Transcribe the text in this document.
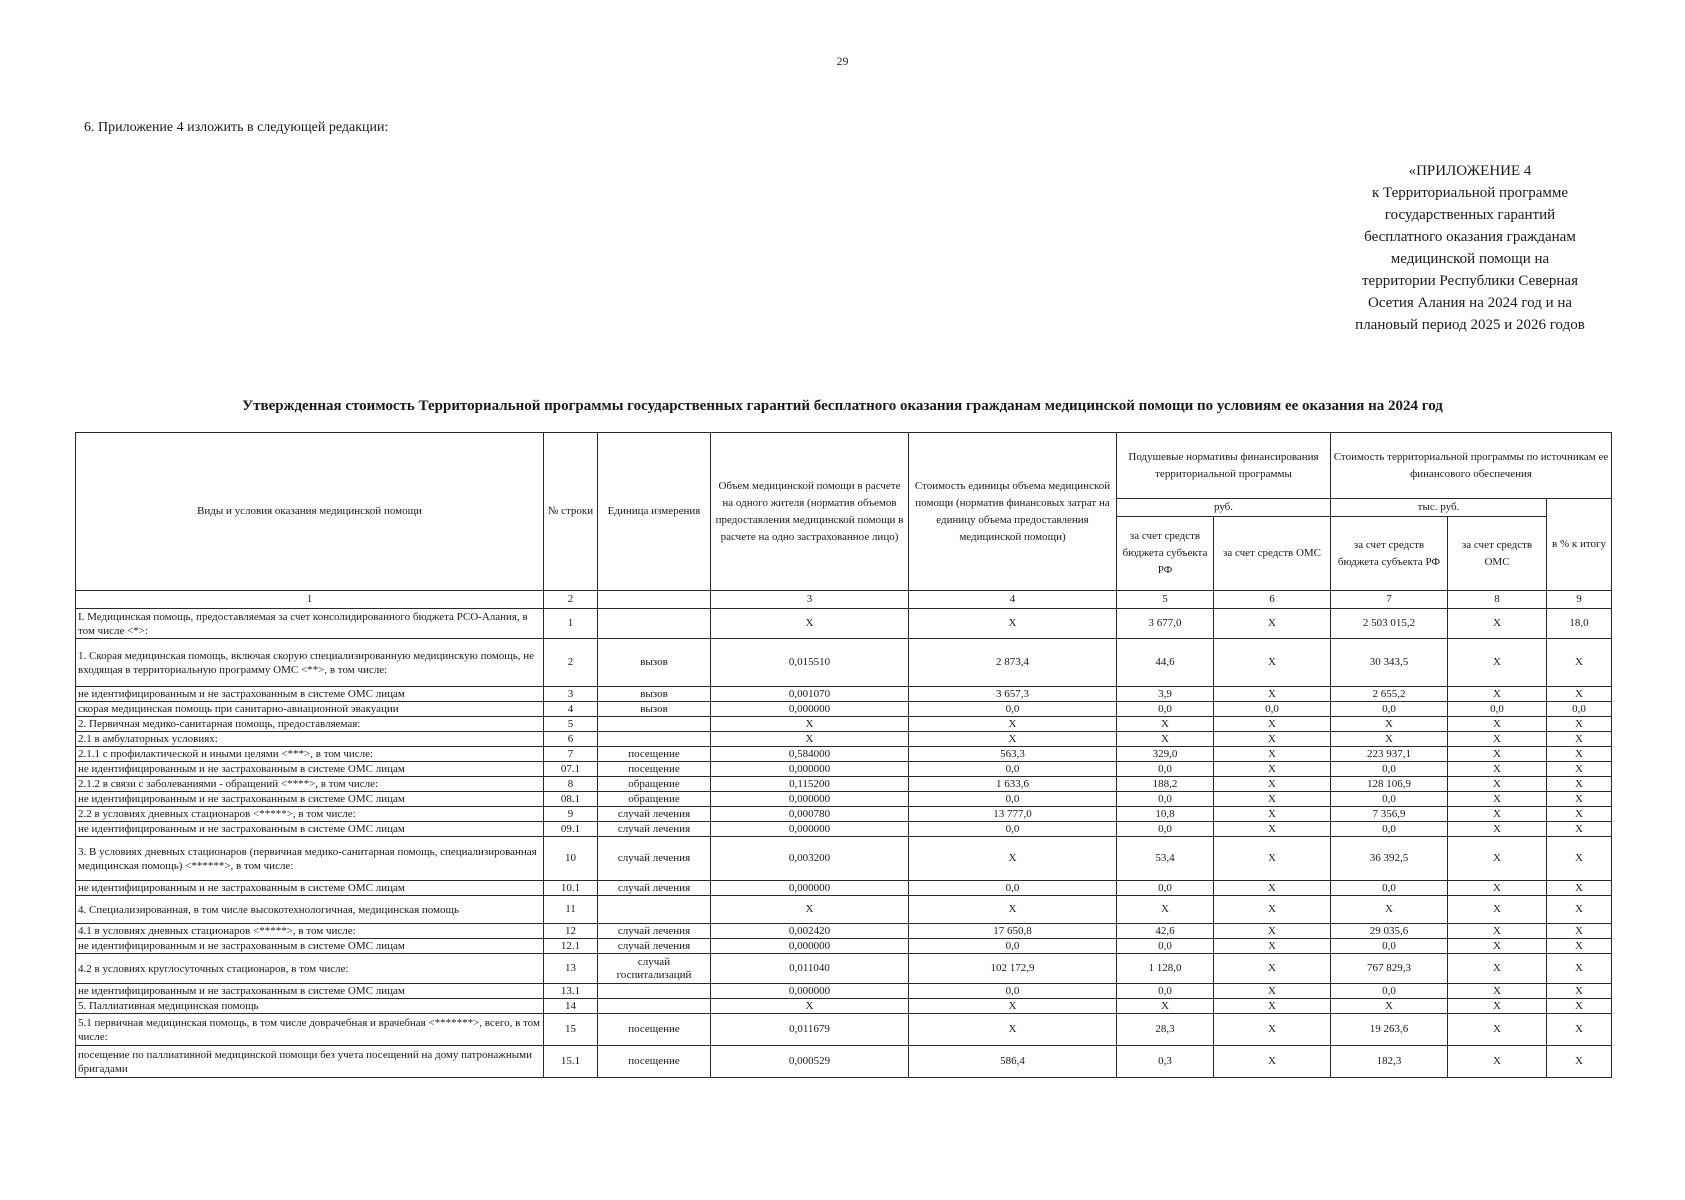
29
6. Приложение 4 изложить в следующей редакции:
«ПРИЛОЖЕНИЕ 4
к Территориальной программе
государственных гарантий
бесплатного оказания гражданам
медицинской помощи на
территории Республики Северная
Осетия Алания на 2024 год и на
плановый период 2025 и 2026 годов
Утвержденная стоимость Территориальной программы государственных гарантий бесплатного оказания гражданам медицинской помощи по условиям ее оказания на 2024 год
Виды и условия оказания медицинской помощи	№ строки	Единица измерения	Объем медицинской помощи в расчете на одного жителя (норматив объемов предоставления медицинской помощи в расчете на одно застрахованное лицо)	Стоимость единицы объема медицинской помощи (норматив финансовых затрат на единицу объема предоставления медицинской помощи)	Подушевые нормативы финансирования территориальной программы		Стоимость территориальной программы по источникам ее финансового обеспечения		
					руб.		тыс. руб.		в % к итогу
					за счет средств бюджета субъекта РФ	за счет средств ОМС	за счет средств бюджета субъекта РФ	за счет средств ОМС	
1	2		3	4	5	6	7	8	9
I. Медицинская помощь, предоставляемая за счет консолидированного бюджета РСО-Алания, в том числе <*>:	1		X	X	3 677,0	X	2 503 015,2	X	18,0
1. Скорая медицинская помощь, включая скорую специализированную медицинскую помощь, не входящая в территориальную программу ОМС <**>, в том числе:	2	вызов	0,015510	2 873,4	44,6	X	30 343,5	X	X
не идентифицированным и не застрахованным в системе ОМС лицам	3	вызов	0,001070	3 657,3	3,9	X	2 655,2	X	X
скорая медицинская помощь при санитарно-авиационной эвакуации	4	вызов	0,000000	0,0	0,0	0,0	0,0	0,0	0,0
2. Первичная медико-санитарная помощь, предоставляемая:	5		X	X	X	X	X	X	X
2.1 в амбулаторных условиях:	6		X	X	X	X	X	X	X
2.1.1 с профилактической и иными целями <***>, в том числе:	7	посещение	0,584000	563,3	329,0	X	223 937,1	X	X
не идентифицированным и не застрахованным в системе ОМС лицам	07.1	посещение	0,000000	0,0	0,0	X	0,0	X	X
2.1.2 в связи с заболеваниями - обращений <****>, в том числе:	8	обращение	0,115200	1 633,6	188,2	X	128 106,9	X	X
не идентифицированным и не застрахованным в системе ОМС лицам	08.1	обращение	0,000000	0,0	0,0	X	0,0	X	X
2.2 в условиях дневных стационаров <*****>, в том числе:	9	случай лечения	0,000780	13 777,0	10,8	X	7 356,9	X	X
не идентифицированным и не застрахованным в системе ОМС лицам	09.1	случай лечения	0,000000	0,0	0,0	X	0,0	X	X
3. В условиях дневных стационаров (первичная медико-санитарная помощь, специализированная медицинская помощь) <******>, в том числе:	10	случай лечения	0,003200	X	53,4	X	36 392,5	X	X
не идентифицированным и не застрахованным в системе ОМС лицам	10.1	случай лечения	0,000000	0,0	0,0	X	0,0	X	X
4. Специализированная, в том числе высокотехнологичная, медицинская помощь	11		X	X	X	X	X	X	X
4.1 в условиях дневных стационаров <*****>, в том числе:	12	случай лечения	0,002420	17 650,8	42,6	X	29 035,6	X	X
не идентифицированным и не застрахованным в системе ОМС лицам	12.1	случай лечения	0,000000	0,0	0,0	X	0,0	X	X
4.2 в условиях круглосуточных стационаров, в том числе:	13	случай госпитализаций	0,011040	102 172,9	1 128,0	X	767 829,3	X	X
не идентифицированным и не застрахованным в системе ОМС лицам	13.1		0,000000	0,0	0,0	X	0,0	X	X
5. Паллиативная медицинская помощь	14		X	X	X	X	X	X	X
5.1 первичная медицинская помощь, в том числе доврачебная и врачебная <*******>, всего, в том числе:	15	посещение	0,011679	X	28,3	X	19 263,6	X	X
посещение по паллиативной медицинской помощи без учета посещений на дому патронажными бригадами	15.1	посещение	0,000529	586,4	0,3	X	182,3	X	X
